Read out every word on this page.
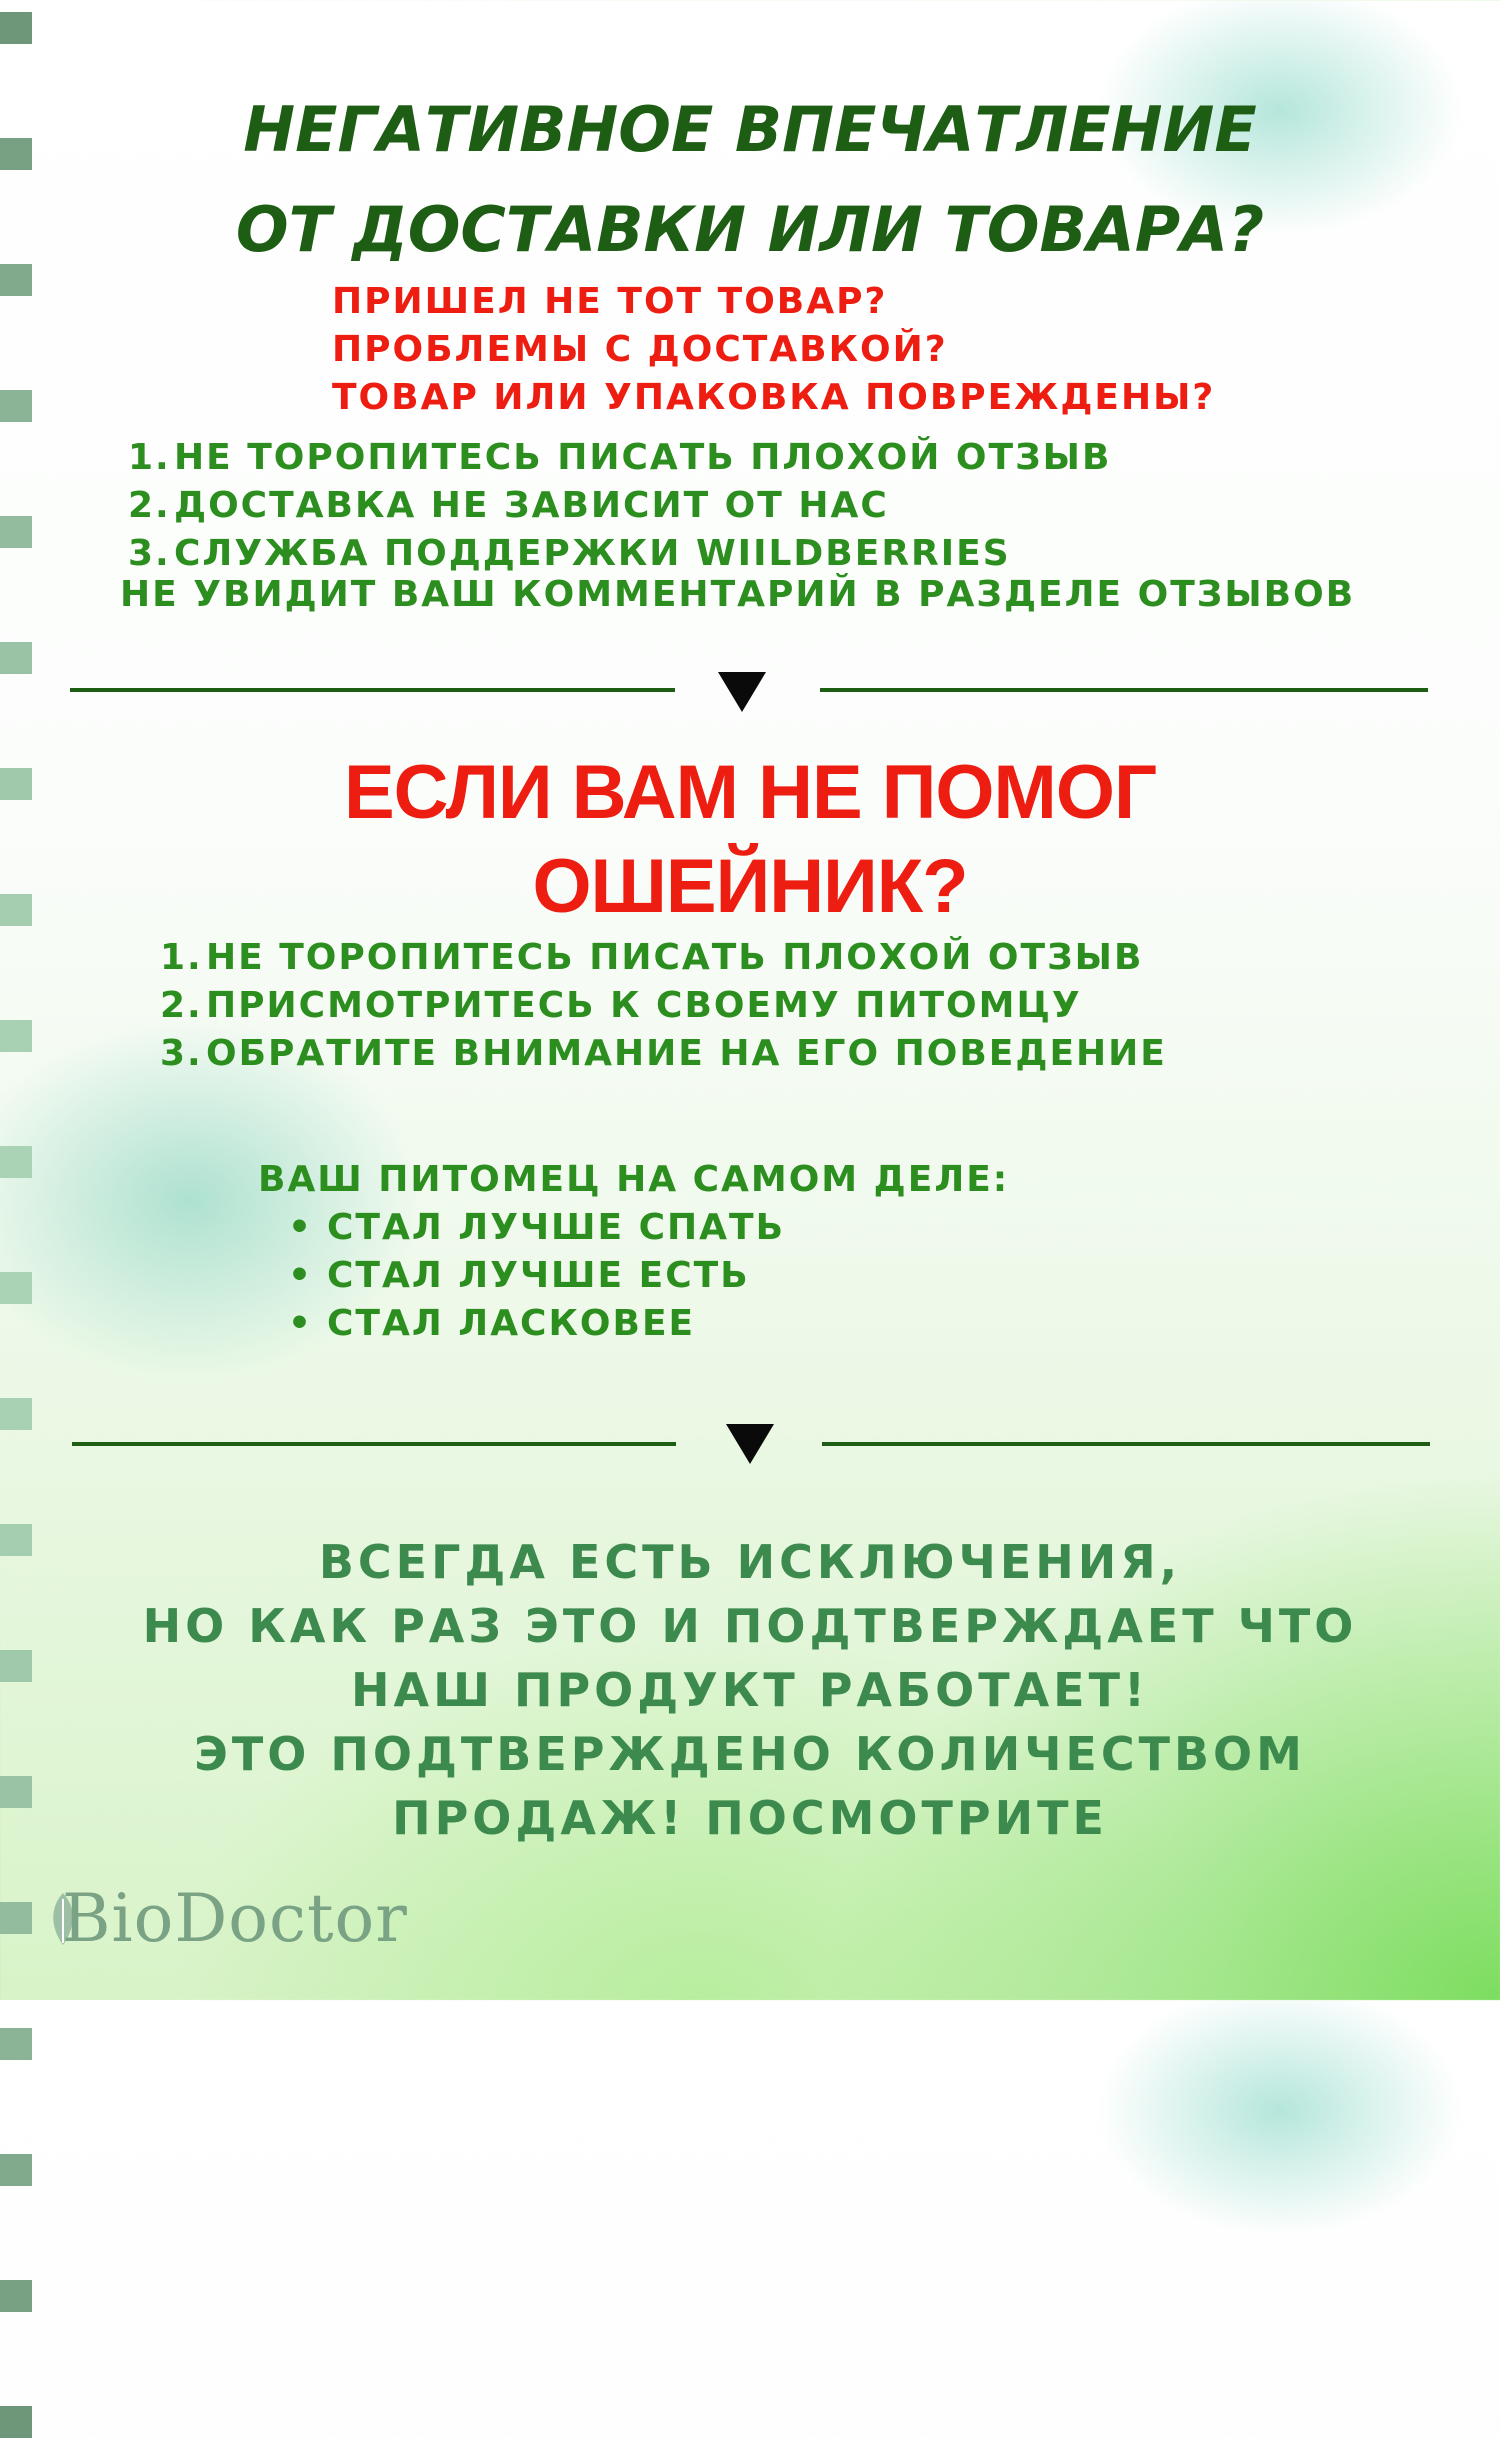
НЕГАТИВНОЕ ВПЕЧАТЛЕНИЕ
ОТ ДОСТАВКИ ИЛИ ТОВАРА?
ПРИШЕЛ НЕ ТОТ ТОВАР?
ПРОБЛЕМЫ С ДОСТАВКОЙ?
ТОВАР ИЛИ УПАКОВКА ПОВРЕЖДЕНЫ?
1.НЕ ТОРОПИТЕСЬ ПИСАТЬ ПЛОХОЙ ОТЗЫВ
2.ДОСТАВКА НЕ ЗАВИСИТ ОТ НАС
3.СЛУЖБА ПОДДЕРЖКИ WIILDBERRIES

НЕ УВИДИТ ВАШ КОММЕНТАРИЙ В РАЗДЕЛЕ ОТЗЫВОВ

ЕСЛИ ВАМ НЕ ПОМОГ
ОШЕЙНИК?
1.НЕ ТОРОПИТЕСЬ ПИСАТЬ ПЛОХОЙ ОТЗЫВ
2.ПРИСМОТРИТЕСЬ К СВОЕМУ ПИТОМЦУ
3.ОБРАТИТЕ ВНИМАНИЕ НА ЕГО ПОВЕДЕНИЕ
ВАШ ПИТОМЕЦ НА САМОМ ДЕЛЕ:
• СТАЛ ЛУЧШЕ СПАТЬ
• СТАЛ ЛУЧШЕ ЕСТЬ
• СТАЛ ЛАСКОВЕЕ
ВСЕГДА ЕСТЬ ИСКЛЮЧЕНИЯ,
НО КАК РАЗ ЭТО И ПОДТВЕРЖДАЕТ ЧТО
НАШ ПРОДУКТ РАБОТАЕТ!
ЭТО ПОДТВЕРЖДЕНО КОЛИЧЕСТВОМ
ПРОДАЖ! ПОСМОТРИТЕ
BioDoctor
